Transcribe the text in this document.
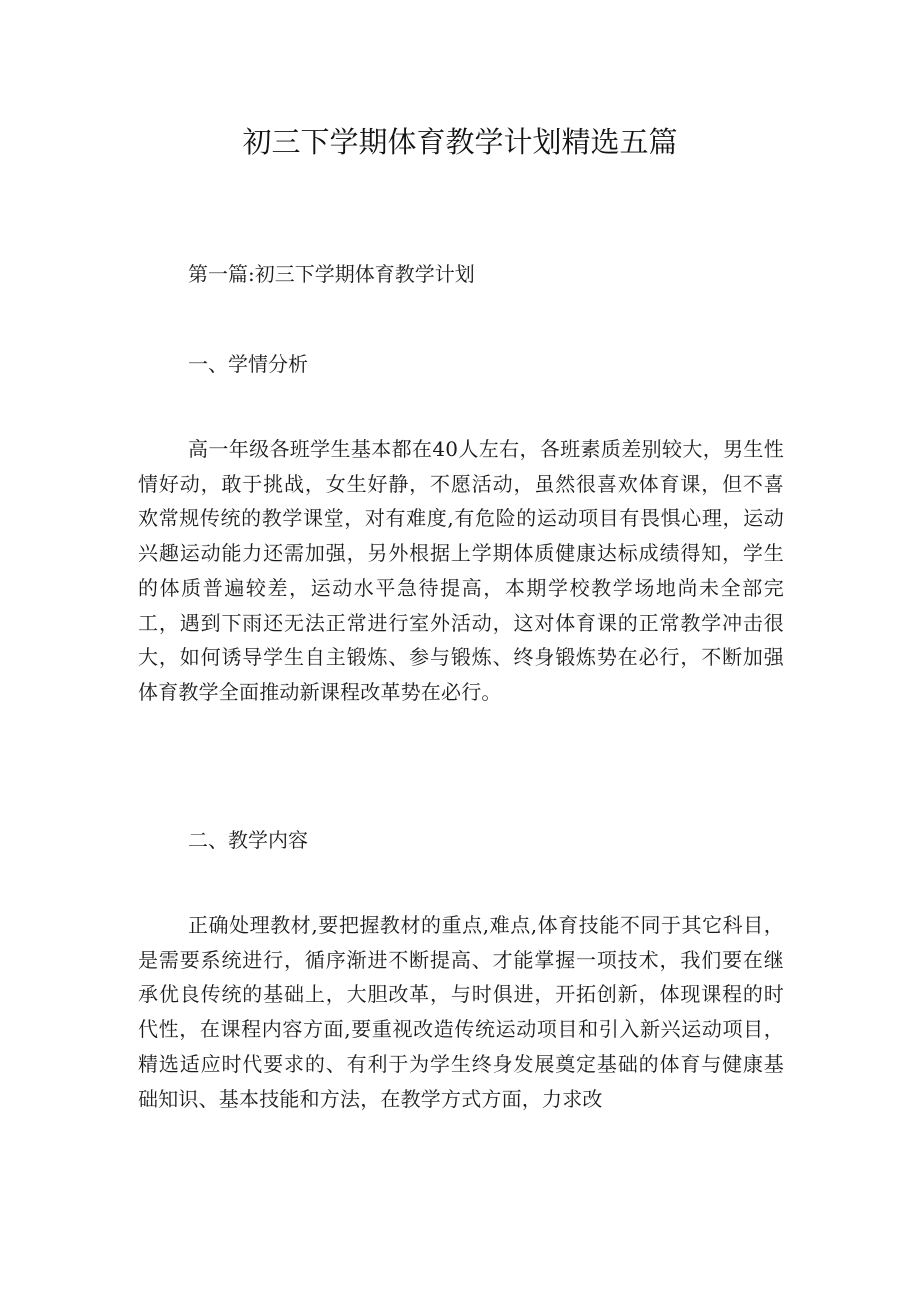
初三下学期体育教学计划精选五篇

第一篇:初三下学期体育教学计划

一、学情分析

高一年级各班学生基本都在40人左右，各班素质差别较大，男生性情好动，敢于挑战，女生好静，不愿活动，虽然很喜欢体育课，但不喜欢常规传统的教学课堂，对有难度,有危险的运动项目有畏惧心理，运动兴趣运动能力还需加强，另外根据上学期体质健康达标成绩得知，学生的体质普遍较差，运动水平急待提高，本期学校教学场地尚未全部完工，遇到下雨还无法正常进行室外活动，这对体育课的正常教学冲击很大，如何诱导学生自主锻炼、参与锻炼、终身锻炼势在必行，不断加强体育教学全面推动新课程改革势在必行。

二、教学内容

正确处理教材,要把握教材的重点,难点,体育技能不同于其它科目，是需要系统进行，循序渐进不断提高、才能掌握一项技术，我们要在继承优良传统的基础上，大胆改革，与时俱进，开拓创新，体现课程的时代性，在课程内容方面,要重视改造传统运动项目和引入新兴运动项目，精选适应时代要求的、有利于为学生终身发展奠定基础的体育与健康基础知识、基本技能和方法，在教学方式方面，力求改
